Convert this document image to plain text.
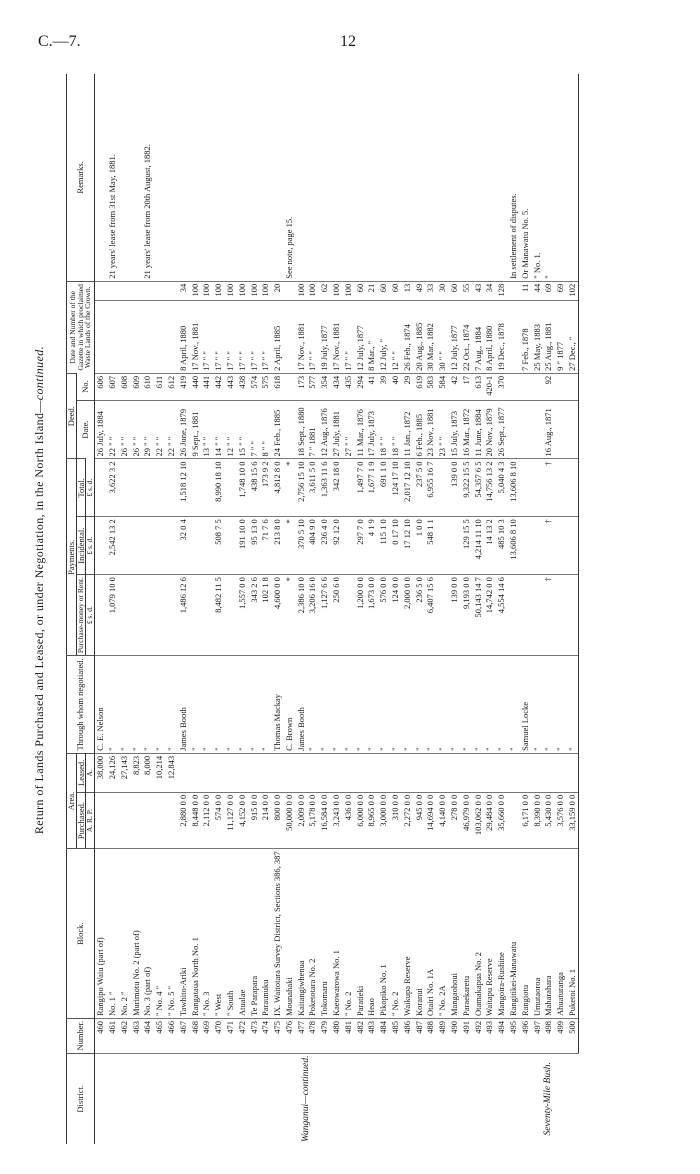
C.—7.	12
Return of Lands Purchased and Leased, or under Negotiation, in the North Island—continued.
District.	Number.	Block.	Area.		Through whom negotiated.	Payments.			Deed.		Date and Number of the Gazette in which proclaimed Waste Lands of the Crown.		Remarks.
			Purchased.	Leased.		Purchase-money or Rent.	Incidental.	Total.	Date.	No.			
			A. R. P.	A.		£ s. d.	£ s. d.	£ s. d.					
Wanganui—continued.	460	Rangipo Waiu (part of)		38,000	C. E. Nelson				26 July, 1884	606			
	461	No. 1 "		24,126	"	1,079 10 0	2,542 13 2	3,622 3 2	22 " "	607			21 years' lease from 31st May, 1881.
	462	No. 2 "		27,143	"				26 " "	608			
	463	Murimotu No. 2 (part of)		8,823	"				26 " "	609			
	464	No. 3 (part of)		8,000	"				29 " "	610			21 years' lease from 20th August, 1882.
	465	" No. 4 "		10,214	"				22 " "	611			
	466	" No. 5 "		12,843	"				22 " "	612			
	467	Tawhito-Ariki	2,880 0 0		James Booth	1,486 12 6	32 0 4	1,518 12 10	26 June, 1879	419	8 April, 1880	34	
	468	Rangataua North No. 1	8,448 0 0		"				9 Sept., 1881	440	17 Nov., 1881	100	
	469	" No. 3	2,112 0 0		"				13 " "	441	17 " "	100	
	470	" West	574 0 0		"	8,482 11 5	508 7 5	8,990 18 10	14 " "	442	17 " "	100	
	471	" South	11,127 0 0		"				12 " "	443	17 " "	100	
	472	Atualae	4,152 0 0		"	1,557 0 0	191 10 0	1,748 10 0	15 " "	438	17 " "	100	
	473	Te Parapara	915 0 0		"	343 2 6	95 13 0	438 15 6	7 " "	574	17 " "	100	
	474	Paraunuku	214 0 0		"	102 1 8	71 7 6	173 9 2	8 " "	575	17 " "	100	
	475	IX. Waitotara Survey District, Sections 386, 387	800 0 0		Thomas Mackay	4,600 0 0	213 8 0	4,812 8 0	24 Feb., 1885	618	2 April, 1885	20	
	476	Mounahaki	50,000 0 0		C. Brown	*	*	*					See note, page 15.
	477	Kaitangiwhenua	2,009 0 0		James Booth	2,386 10 0	370 5 10	2,756 15 10	18 Sept., 1880	173	17 Nov., 1881	100	
	478	Poketotara No. 2	5,178 0 0		"	3,206 16 0	404 9 0	3,611 5 0	7 " 1881	577	17 " "	100	
	479	Tokomaru	16,584 0 0		"	1,127 6 6	236 4 0	1,363 11 6	12 Aug., 1876	354	19 July, 1877	62	
	480	Kaeowarowa No. 1	3,243 0 0		"	250 6 0	92 12 0	342 18 0	27 July, 1881	434	17 Nov., 1881	100	
	481	" No. 2	436 0 0		"				27 " "	435	17 " "	100	
	482	Paratieki	6,000 0 0		"	1,200 0 0	297 7 0	1,497 7 0	11 Mar., 1876	294	12 July, 1877	60	
	483	Heao	8,965 0 0		"	1,673 0 0	4 1 9	1,677 1 9	17 July, 1873	41	8 Mar., "	21	
	484	Pikopiko No. 1	3,000 0 0		"	576 0 0	115 1 0	691 1 0	18 " "	39	12 July, "	60	
	485	" No. 2	310 0 0		"	124 0 0	0 17 10	124 17 10	18 " "	40	12 " "	60	
	486	Waikupa Reserve	2,272 0 0		"	2,000 0 0	17 12 10	2,017 12 10	11 Jan., 1872	29	26 Feb., 1874	13	
	487	Koranui	945 0 0		"	236 5 0	1 0 0	237 5 0	6 Feb., 1885	619	20 Aug., 1885	49	
	488	Otairi No. 1A	14,694 0 0		"	6,407 15 6	548 1 1	6,955 16 7	23 Nov., 1881	583	30 Mar., 1882	33	
	489	" No. 2A	4,140 0 0		"				23 " "	584	30 " "	30	
	490	Mangaohoui	278 0 0		"	139 0 0		139 0 0	15 July, 1873	42	12 July, 1877	60	
	491	Paraekaretu	46,979 0 0		"	9,193 0 0	129 15 5	9,322 15 5	16 Mar., 1872	17	22 Oct., 1874	55	
	492	Otamakapua No. 2	103,062 0 0		"	50,143 14 7	4,214 11 10	54,357 6 5	11 June, 1884	613	7 Aug., 1884	43	
	493	Waitapu Reserve	29,484 0 0		"	14,742 0 0	14 13 2	14,756 13 2	20 Nov., 1879	420-1	8 April, 1880	34	
	494	Mangoira-Rushine	35,660 0 0		"	4,554 14 6	485 10 3	5,040 4 3	26 Sept., 1877	370	19 Dec., 1878	128	
	495	Rangitikei-Manawatu			"		13,606 8 10	13,606 8 10					In settlement of disputes.
Seventy-Mile Bush.	496	Rangiotu	6,171 0 0		Samuel Locke						7 Feb., 1878	11	Or Manawatu No. 5.
	497	Umutaoroa	8,390 0 0		"						25 May, 1883	44	" No. 1.
	498	Maharahara	5,430 0 0		"	†	†	†	16 Aug., 1871	92	25 Aug., 1881	69	"
	499	Ahuaturanga	3,576 0 0		"						9 " 1877	69	
	500	Puketoi No. 1	33,159 0 0		"						27 Dec., "	102	
